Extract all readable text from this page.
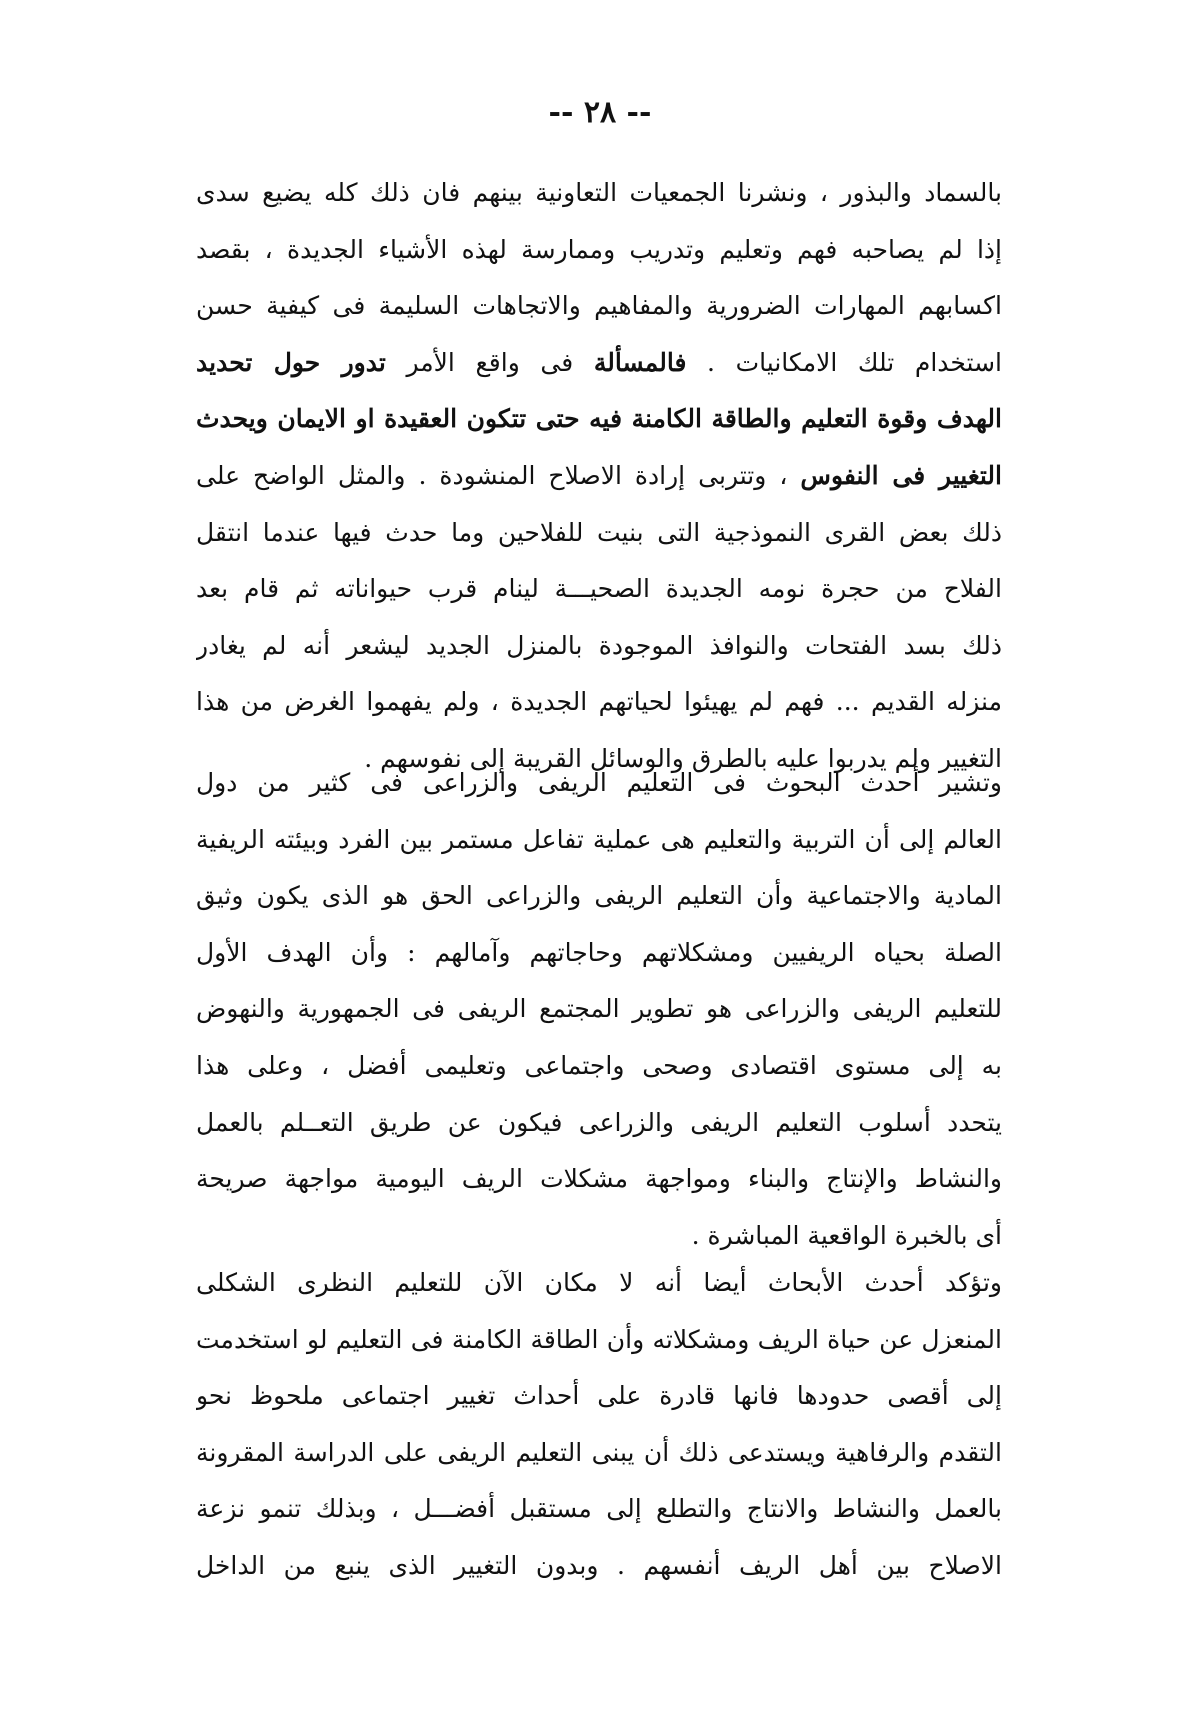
-- ٢٨ --
بالسماد والبذور ، ونشرنا الجمعيات التعاونية بينهم فان ذلك كله يضيع سدى
إذا لم يصاحبه فهم وتعليم وتدريب وممارسة لهذه الأشياء الجديدة ، بقصد
اكسابهم المهارات الضرورية والمفاهيم والاتجاهات السليمة فى كيفية حسن
استخدام تلك الامكانيات . فالمسألة فى واقع الأمر تدور حول تحديد
الهدف وقوة التعليم والطاقة الكامنة فيه حتى تتكون العقيدة او الايمان ويحدث
التغيير فى النفوس ، وتتربى إرادة الاصلاح المنشودة . والمثل الواضح على
ذلك بعض القرى النموذجية التى بنيت للفلاحين وما حدث فيها عندما انتقل
الفلاح من حجرة نومه الجديدة الصحيـــة لينام قرب حيواناته ثم قام بعد
ذلك بسد الفتحات والنوافذ الموجودة بالمنزل الجديد ليشعر أنه لم يغادر
منزله القديم ... فهم لم يهيئوا لحياتهم الجديدة ، ولم يفهموا الغرض من هذا
التغيير ولم يدربوا عليه بالطرق والوسائل القريبة إلى نفوسهم .
وتشير أحدث البحوث فى التعليم الريفى والزراعى فى كثير من دول
العالم إلى أن التربية والتعليم هى عملية تفاعل مستمر بين الفرد وبيئته الريفية
المادية والاجتماعية وأن التعليم الريفى والزراعى الحق هو الذى يكون وثيق
الصلة بحياه الريفيين ومشكلاتهم وحاجاتهم وآمالهم : وأن الهدف الأول
للتعليم الريفى والزراعى هو تطوير المجتمع الريفى فى الجمهورية والنهوض
به إلى مستوى اقتصادى وصحى واجتماعى وتعليمى أفضل ، وعلى هذا
يتحدد أسلوب التعليم الريفى والزراعى فيكون عن طريق التعــلم بالعمل
والنشاط والإنتاج والبناء ومواجهة مشكلات الريف اليومية مواجهة صريحة
أى بالخبرة الواقعية المباشرة .
وتؤكد أحدث الأبحاث أيضا أنه لا مكان الآن للتعليم النظرى الشكلى
المنعزل عن حياة الريف ومشكلاته وأن الطاقة الكامنة فى التعليم لو استخدمت
إلى أقصى حدودها فانها قادرة على أحداث تغيير اجتماعى ملحوظ نحو
التقدم والرفاهية ويستدعى ذلك أن يبنى التعليم الريفى على الدراسة المقرونة
بالعمل والنشاط والانتاج والتطلع إلى مستقبل أفضـــل ، وبذلك تنمو نزعة
الاصلاح بين أهل الريف أنفسهم . وبدون التغيير الذى ينبع من الداخل
